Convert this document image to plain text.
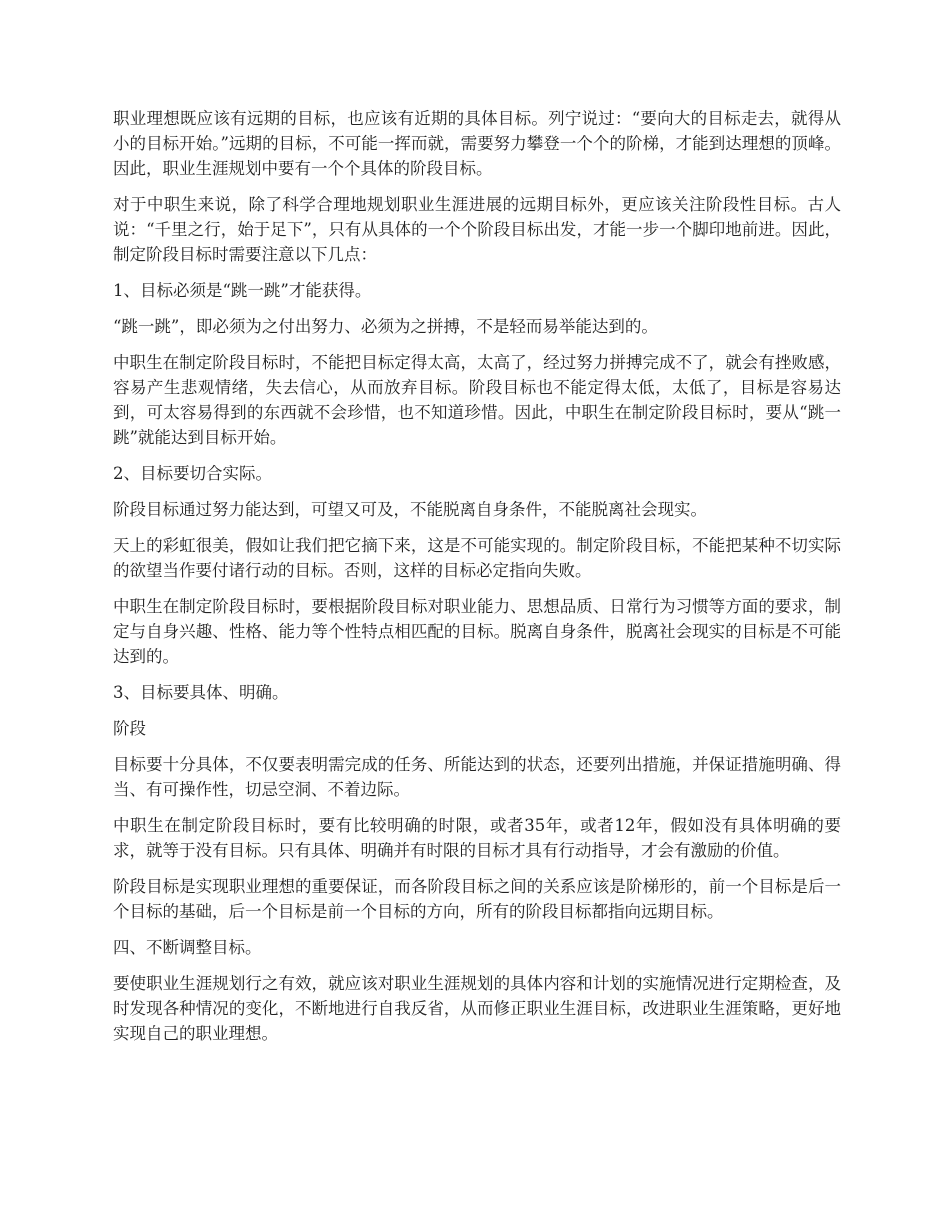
职业理想既应该有远期的目标，也应该有近期的具体目标。列宁说过：“要向大的目标走去，就得从小的目标开始。”远期的目标，不可能一挥而就，需要努力攀登一个个的阶梯，才能到达理想的顶峰。因此，职业生涯规划中要有一个个具体的阶段目标。

对于中职生来说，除了科学合理地规划职业生涯进展的远期目标外，更应该关注阶段性目标。古人说：“千里之行，始于足下”，只有从具体的一个个阶段目标出发，才能一步一个脚印地前进。因此，制定阶段目标时需要注意以下几点：

1、目标必须是“跳一跳”才能获得。

“跳一跳”，即必须为之付出努力、必须为之拼搏，不是轻而易举能达到的。

中职生在制定阶段目标时，不能把目标定得太高，太高了，经过努力拼搏完成不了，就会有挫败感，容易产生悲观情绪，失去信心，从而放弃目标。阶段目标也不能定得太低，太低了，目标是容易达到，可太容易得到的东西就不会珍惜，也不知道珍惜。因此，中职生在制定阶段目标时，要从“跳一跳”就能达到目标开始。

2、目标要切合实际。

阶段目标通过努力能达到，可望又可及，不能脱离自身条件，不能脱离社会现实。

天上的彩虹很美，假如让我们把它摘下来，这是不可能实现的。制定阶段目标，不能把某种不切实际的欲望当作要付诸行动的目标。否则，这样的目标必定指向失败。

中职生在制定阶段目标时，要根据阶段目标对职业能力、思想品质、日常行为习惯等方面的要求，制定与自身兴趣、性格、能力等个性特点相匹配的目标。脱离自身条件，脱离社会现实的目标是不可能达到的。

3、目标要具体、明确。

阶段

目标要十分具体，不仅要表明需完成的任务、所能达到的状态，还要列出措施，并保证措施明确、得当、有可操作性，切忌空洞、不着边际。

中职生在制定阶段目标时，要有比较明确的时限，或者35年，或者12年，假如没有具体明确的要求，就等于没有目标。只有具体、明确并有时限的目标才具有行动指导，才会有激励的价值。

阶段目标是实现职业理想的重要保证，而各阶段目标之间的关系应该是阶梯形的，前一个目标是后一个目标的基础，后一个目标是前一个目标的方向，所有的阶段目标都指向远期目标。

四、不断调整目标。

要使职业生涯规划行之有效，就应该对职业生涯规划的具体内容和计划的实施情况进行定期检查，及时发现各种情况的变化，不断地进行自我反省，从而修正职业生涯目标，改进职业生涯策略，更好地实现自己的职业理想。
